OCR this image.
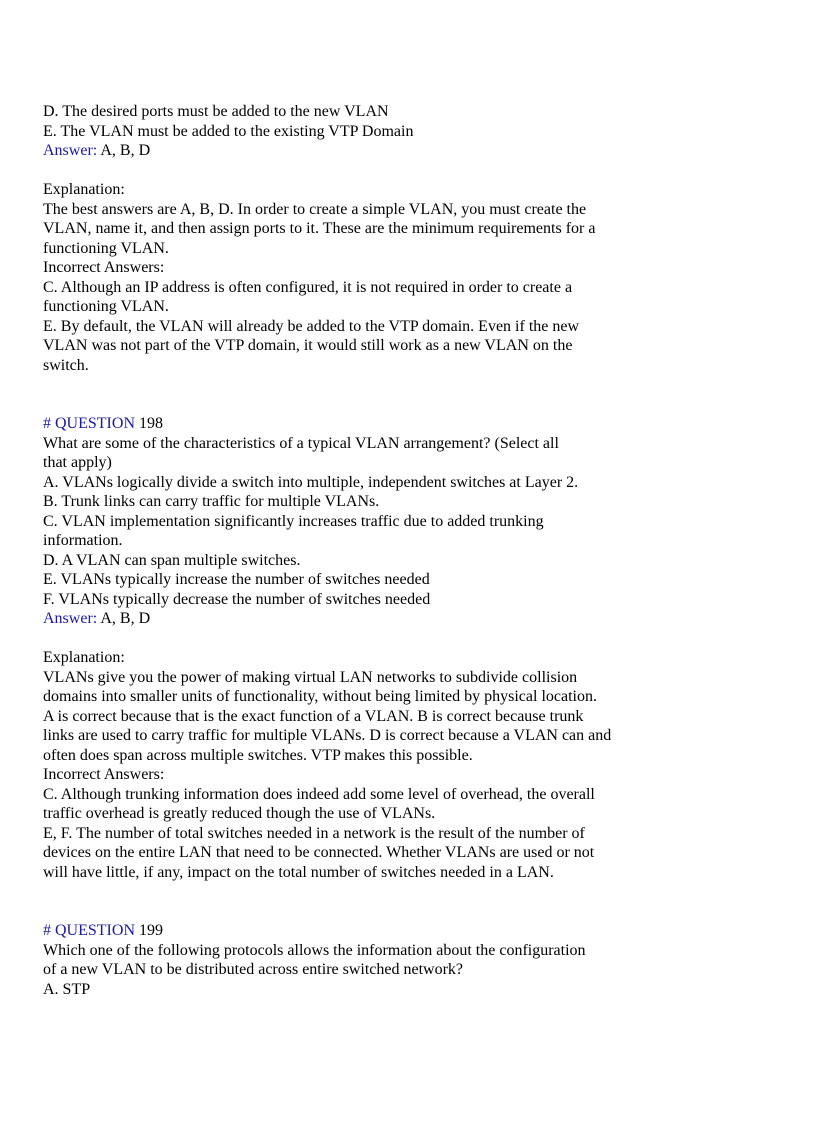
D. The desired ports must be added to the new VLAN
E. The VLAN must be added to the existing VTP Domain
Answer: A, B, D
Explanation:
The best answers are A, B, D. In order to create a simple VLAN, you must create the
VLAN, name it, and then assign ports to it. These are the minimum requirements for a
functioning VLAN.
Incorrect Answers:
C. Although an IP address is often configured, it is not required in order to create a
functioning VLAN.
E. By default, the VLAN will already be added to the VTP domain. Even if the new
VLAN was not part of the VTP domain, it would still work as a new VLAN on the
switch.
# QUESTION 198
What are some of the characteristics of a typical VLAN arrangement? (Select all
that apply)
A. VLANs logically divide a switch into multiple, independent switches at Layer 2.
B. Trunk links can carry traffic for multiple VLANs.
C. VLAN implementation significantly increases traffic due to added trunking
information.
D. A VLAN can span multiple switches.
E. VLANs typically increase the number of switches needed
F. VLANs typically decrease the number of switches needed
Answer: A, B, D
Explanation:
VLANs give you the power of making virtual LAN networks to subdivide collision
domains into smaller units of functionality, without being limited by physical location.
A is correct because that is the exact function of a VLAN. B is correct because trunk
links are used to carry traffic for multiple VLANs. D is correct because a VLAN can and
often does span across multiple switches. VTP makes this possible.
Incorrect Answers:
C. Although trunking information does indeed add some level of overhead, the overall
traffic overhead is greatly reduced though the use of VLANs.
E, F. The number of total switches needed in a network is the result of the number of
devices on the entire LAN that need to be connected. Whether VLANs are used or not
will have little, if any, impact on the total number of switches needed in a LAN.
# QUESTION 199
Which one of the following protocols allows the information about the configuration
of a new VLAN to be distributed across entire switched network?
A. STP
